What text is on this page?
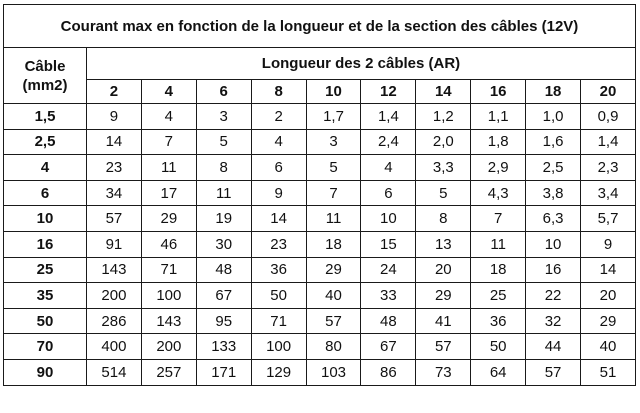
Courant max en fonction de la longueur et de la section des câbles (12V)										
Câble
(mm2)	Longueur des 2 câbles (AR)									
	2	4	6	8	10	12	14	16	18	20
1,5	9	4	3	2	1,7	1,4	1,2	1,1	1,0	0,9
2,5	14	7	5	4	3	2,4	2,0	1,8	1,6	1,4
4	23	11	8	6	5	4	3,3	2,9	2,5	2,3
6	34	17	11	9	7	6	5	4,3	3,8	3,4
10	57	29	19	14	11	10	8	7	6,3	5,7
16	91	46	30	23	18	15	13	11	10	9
25	143	71	48	36	29	24	20	18	16	14
35	200	100	67	50	40	33	29	25	22	20
50	286	143	95	71	57	48	41	36	32	29
70	400	200	133	100	80	67	57	50	44	40
90	514	257	171	129	103	86	73	64	57	51
